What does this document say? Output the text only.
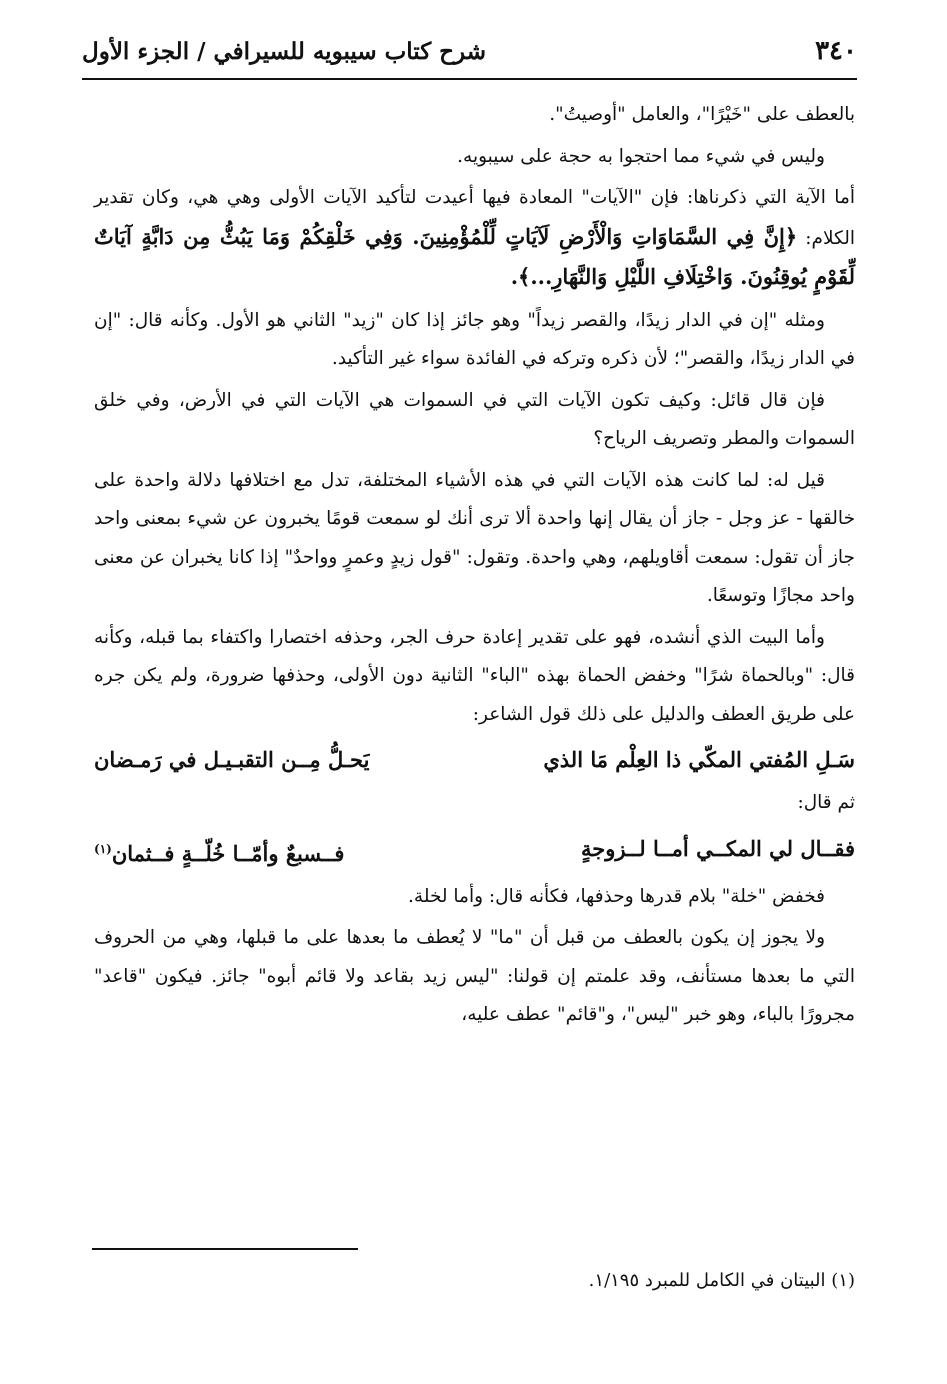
٣٤٠
شرح كتاب سيبويه للسيرافي / الجزء الأول

بالعطف على "خَيْرًا"، والعامل "أوصيتُ".

وليس في شيء مما احتجوا به حجة على سيبويه.

أما الآية التي ذكرناها: فإن "الآيات" المعادة فيها أعيدت لتأكيد الآيات الأولى وهي هي، وكان تقدير الكلام: ﴿إِنَّ فِي السَّمَاوَاتِ وَالْأَرْضِ لَآيَاتٍ لِّلْمُؤْمِنِينَ. وَفِي خَلْقِكُمْ وَمَا يَبُثُّ مِن دَابَّةٍ آيَاتٌ لِّقَوْمٍ يُوقِنُونَ. وَاخْتِلَافِ اللَّيْلِ وَالنَّهَارِ...﴾.

ومثله "إن في الدار زيدًا، والقصر زيداً" وهو جائز إذا كان "زيد" الثاني هو الأول. وكأنه قال: "إن في الدار زيدًا، والقصر"؛ لأن ذكره وتركه في الفائدة سواء غير التأكيد.

فإن قال قائل: وكيف تكون الآيات التي في السموات هي الآيات التي في الأرض، وفي خلق السموات والمطر وتصريف الرياح؟

قيل له: لما كانت هذه الآيات التي في هذه الأشياء المختلفة، تدل مع اختلافها دلالة واحدة على خالقها - عز وجل - جاز أن يقال إنها واحدة ألا ترى أنك لو سمعت قومًا يخبرون عن شيء بمعنى واحد جاز أن تقول: سمعت أقاويلهم، وهي واحدة. وتقول: "قول زيدٍ وعمرٍ وواحدٌ" إذا كانا يخبران عن معنى واحد مجازًا وتوسعًا.

وأما البيت الذي أنشده، فهو على تقدير إعادة حرف الجر، وحذفه اختصارا واكتفاء بما قبله، وكأنه قال: "وبالحماة شرًا" وخفض الحماة بهذه "الباء" الثانية دون الأولى، وحذفها ضرورة، ولم يكن جره على طريق العطف والدليل على ذلك قول الشاعر:

سَـلِ المُفتي المكّي ذا العِلْم مَا الذي
يَحـلُّ مِــن التقبـيـل في رَمـضان

ثم قال:

فقــال لي المكــي أمــا لــزوجةٍ
فــسبعٌ وأمّــا خُلّــةٍ فــثمان$^{(١)}$

فخفض "خلة" بلام قدرها وحذفها، فكأنه قال: وأما لخلة.

ولا يجوز إن يكون بالعطف من قبل أن "ما" لا يُعطف ما بعدها على ما قبلها، وهي من الحروف التي ما بعدها مستأنف، وقد علمتم إن قولنا: "ليس زيد بقاعد ولا قائم أبوه" جائز. فيكون "قاعد" مجرورًا بالباء، وهو خبر "ليس"، و"قائم" عطف عليه،

(١) البيتان في الكامل للمبرد ١/١٩٥.
